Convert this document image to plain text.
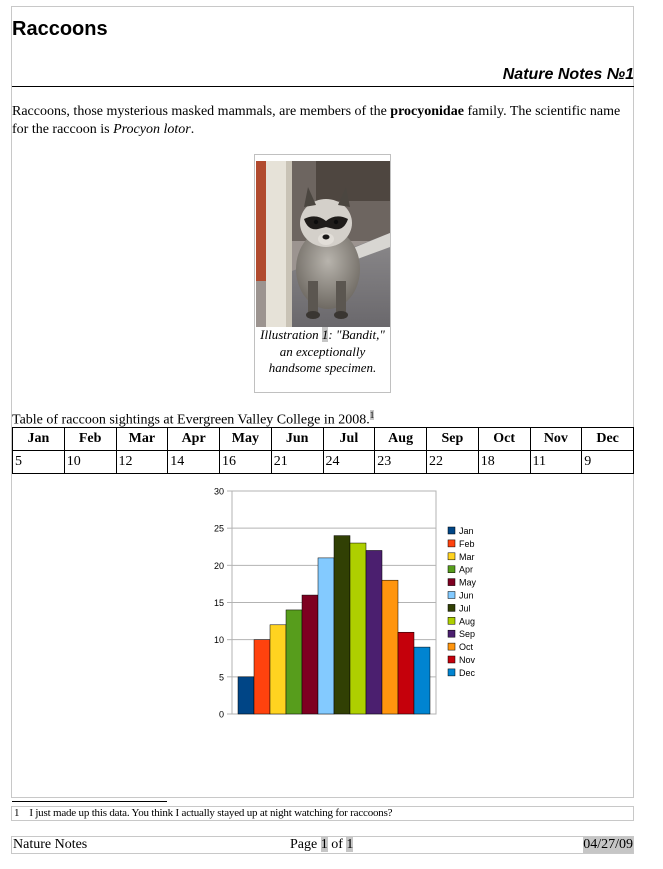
Raccoons
Nature Notes №1

Raccoons, those mysterious masked mammals, are members of the procyonidae family. The scientific name for the raccoon is Procyon lotor.

Illustration 1: "Bandit," an exceptionally handsome specimen.

Table of raccoon sightings at Evergreen Valley College in 2008.$^1$

Jan	Feb	Mar	Apr	May	Jun	Jul	Aug	Sep	Oct	Nov	Dec
5	10	12	14	16	21	24	23	22	18	11	9
0
5
10
15
20
25
30
Jan
Feb
Mar
Apr
May
Jun
Jul
Aug
Sep
Oct
Nov
Dec
1 I just made up this data. You think I actually stayed up at night watching for raccoons?
Nature Notes	Page 1 of 1	04/27/09
